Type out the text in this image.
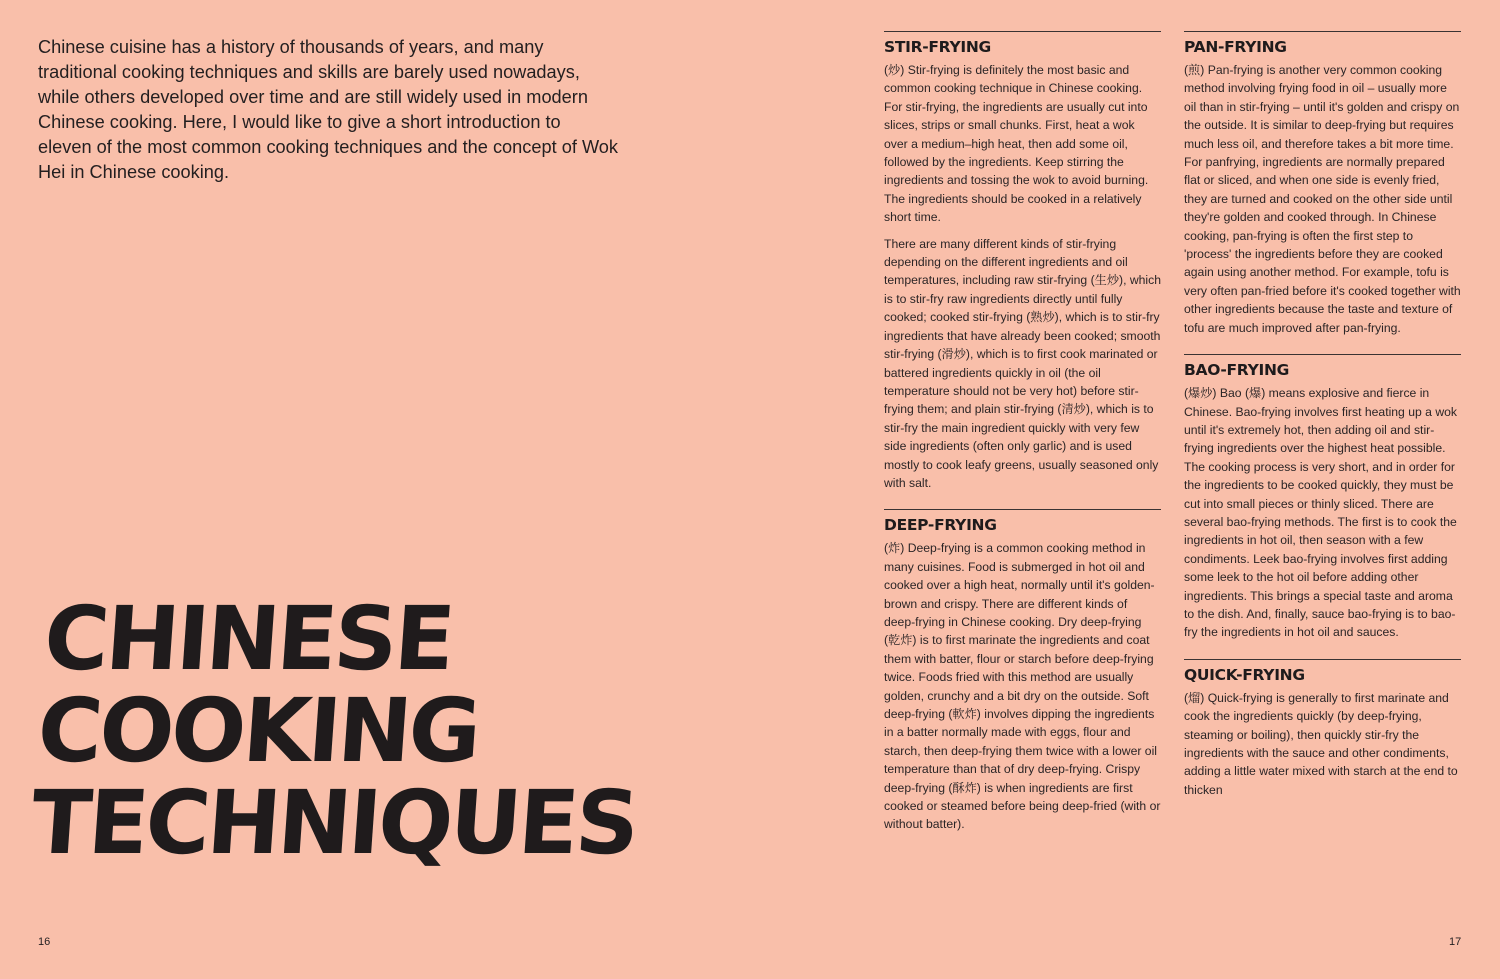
Chinese cuisine has a history of thousands of years, and many traditional cooking techniques and skills are barely used nowadays, while others developed over time and are still widely used in modern Chinese cooking. Here, I would like to give a short introduction to eleven of the most common cooking techniques and the concept of Wok Hei in Chinese cooking.

CHINESE
COOKING
TECHNIQUES
16	17
STIR-FRYING

(炒) Stir-frying is definitely the most basic and common cooking technique in Chinese cooking. For stir-frying, the ingredients are usually cut into slices, strips or small chunks. First, heat a wok over a medium–high heat, then add some oil, followed by the ingredients. Keep stirring the ingredients and tossing the wok to avoid burning. The ingredients should be cooked in a relatively short time.

There are many different kinds of stir-frying depending on the different ingredients and oil temperatures, including raw stir-frying (生炒), which is to stir-fry raw ingredients directly until fully cooked; cooked stir-frying (熟炒), which is to stir-fry ingredients that have already been cooked; smooth stir-frying (滑炒), which is to first cook marinated or battered ingredients quickly in oil (the oil temperature should not be very hot) before stir-frying them; and plain stir-frying (清炒), which is to stir-fry the main ingredient quickly with very few side ingredients (often only garlic) and is used mostly to cook leafy greens, usually seasoned only with salt.

DEEP-FRYING

(炸) Deep-frying is a common cooking method in many cuisines. Food is submerged in hot oil and cooked over a high heat, normally until it's golden-brown and crispy. There are different kinds of deep-frying in Chinese cooking. Dry deep-frying (乾炸) is to first marinate the ingredients and coat them with batter, flour or starch before deep-frying twice. Foods fried with this method are usually golden, crunchy and a bit dry on the outside. Soft deep-frying (軟炸) involves dipping the ingredients in a batter normally made with eggs, flour and starch, then deep-frying them twice with a lower oil temperature than that of dry deep-frying. Crispy deep-frying (酥炸) is when ingredients are first cooked or steamed before being deep-fried (with or without batter).

PAN-FRYING

(煎) Pan-frying is another very common cooking method involving frying food in oil – usually more oil than in stir-frying – until it's golden and crispy on the outside. It is similar to deep-frying but requires much less oil, and therefore takes a bit more time. For panfrying, ingredients are normally prepared flat or sliced, and when one side is evenly fried, they are turned and cooked on the other side until they're golden and cooked through. In Chinese cooking, pan-frying is often the first step to 'process' the ingredients before they are cooked again using another method. For example, tofu is very often pan-fried before it's cooked together with other ingredients because the taste and texture of tofu are much improved after pan-frying.

BAO-FRYING

(爆炒) Bao (爆) means explosive and fierce in Chinese. Bao-frying involves first heating up a wok until it's extremely hot, then adding oil and stir-frying ingredients over the highest heat possible. The cooking process is very short, and in order for the ingredients to be cooked quickly, they must be cut into small pieces or thinly sliced. There are several bao-frying methods. The first is to cook the ingredients in hot oil, then season with a few condiments. Leek bao-frying involves first adding some leek to the hot oil before adding other ingredients. This brings a special taste and aroma to the dish. And, finally, sauce bao-frying is to bao-fry the ingredients in hot oil and sauces.

QUICK-FRYING

(熘) Quick-frying is generally to first marinate and cook the ingredients quickly (by deep-frying, steaming or boiling), then quickly stir-fry the ingredients with the sauce and other condiments, adding a little water mixed with starch at the end to thicken
